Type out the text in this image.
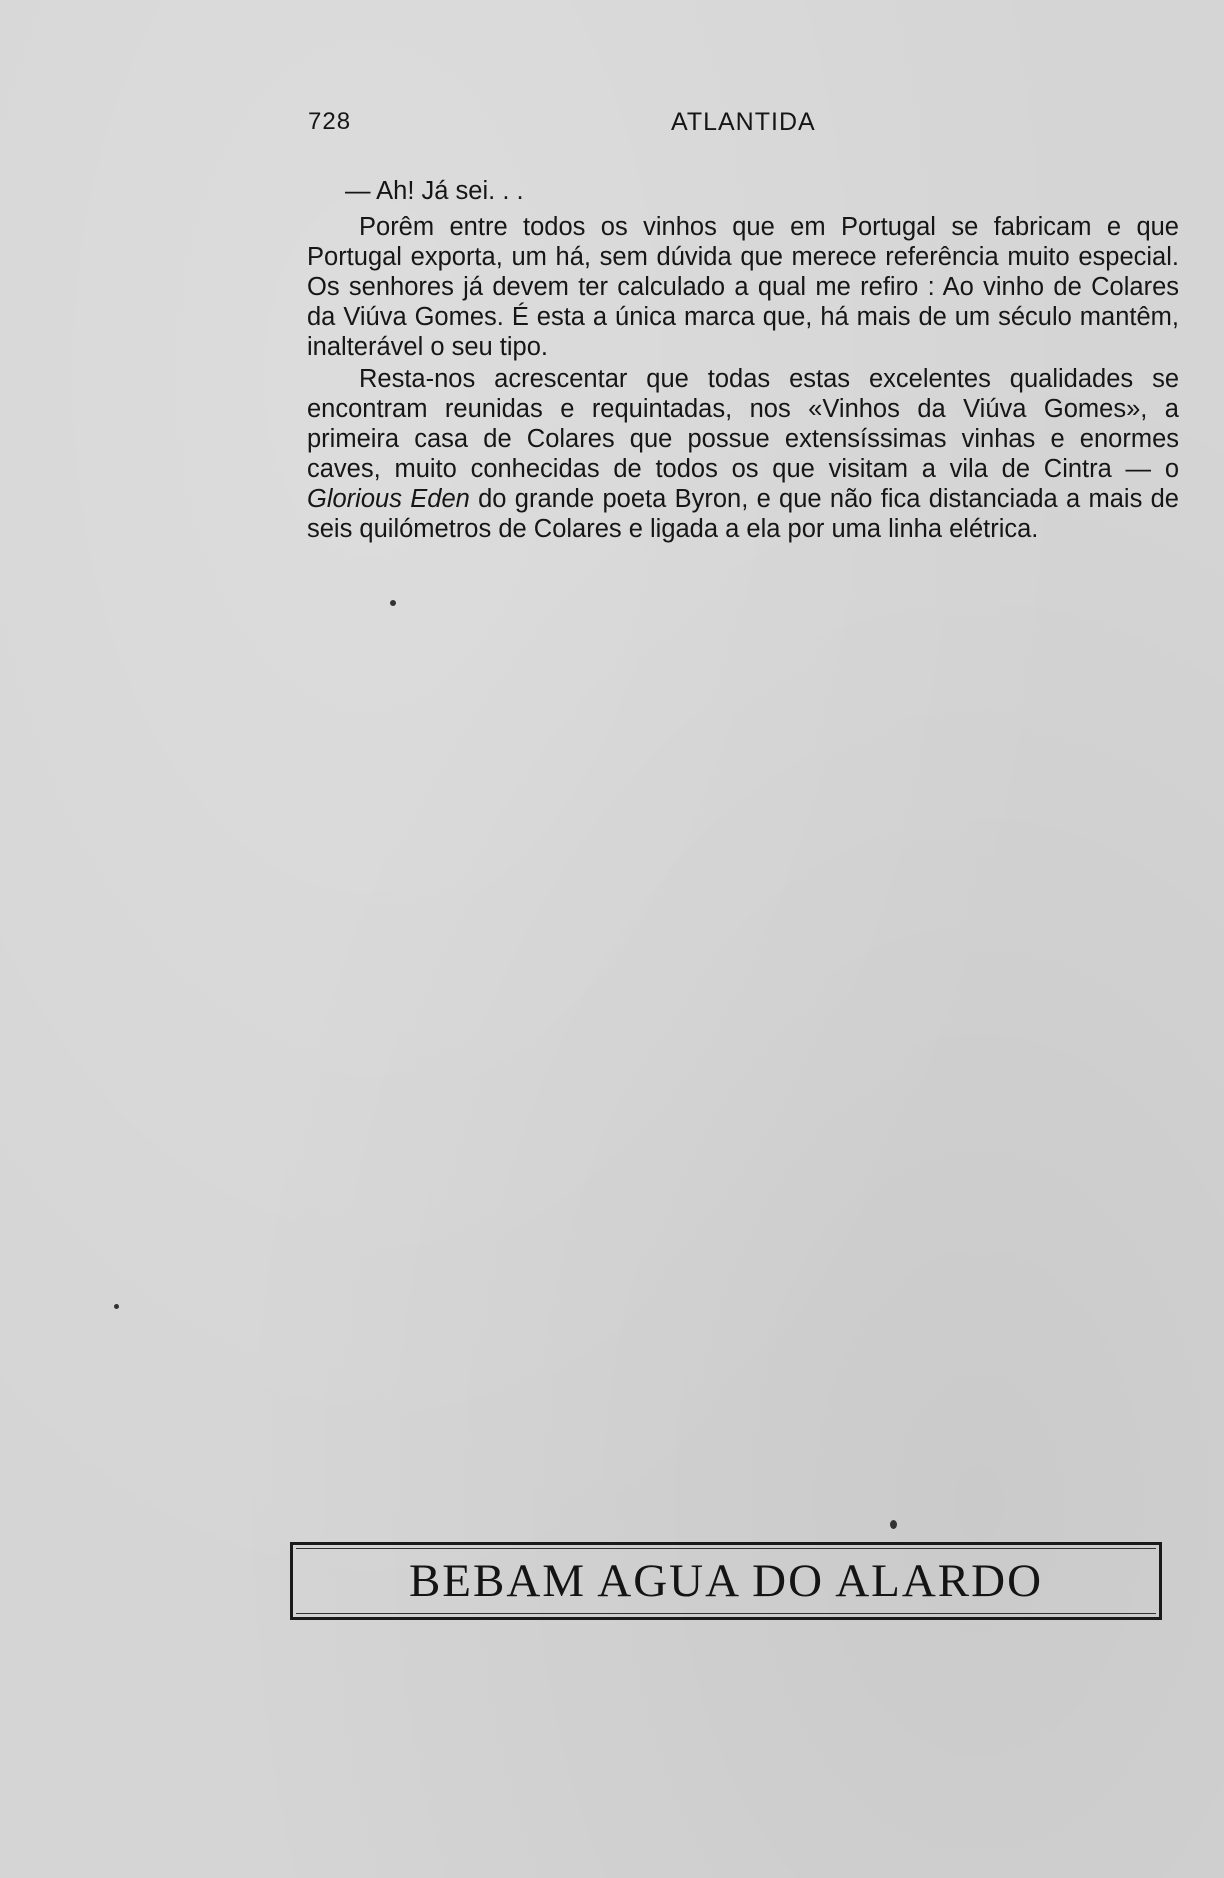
728	ATLANTIDA

— Ah! Já sei. . .

Porêm entre todos os vinhos que em Portugal se fabricam e que Portugal exporta, um há, sem dúvida que merece referência muito especial. Os senhores já devem ter calculado a qual me refiro : Ao vinho de Colares da Viúva Gomes. É esta a única marca que, há mais de um século mantêm, inalterável o seu tipo.

Resta-nos acrescentar que todas estas excelentes qualidades se encontram reunidas e requintadas, nos «Vinhos da Viúva Gomes», a primeira casa de Colares que possue extensíssimas vinhas e enormes caves, muito conhecidas de todos os que visitam a vila de Cintra — o Glorious Eden do grande poeta Byron, e que não fica distanciada a mais de seis quilómetros de Colares e ligada a ela por uma linha elétrica.

BEBAM AGUA DO ALARDO
